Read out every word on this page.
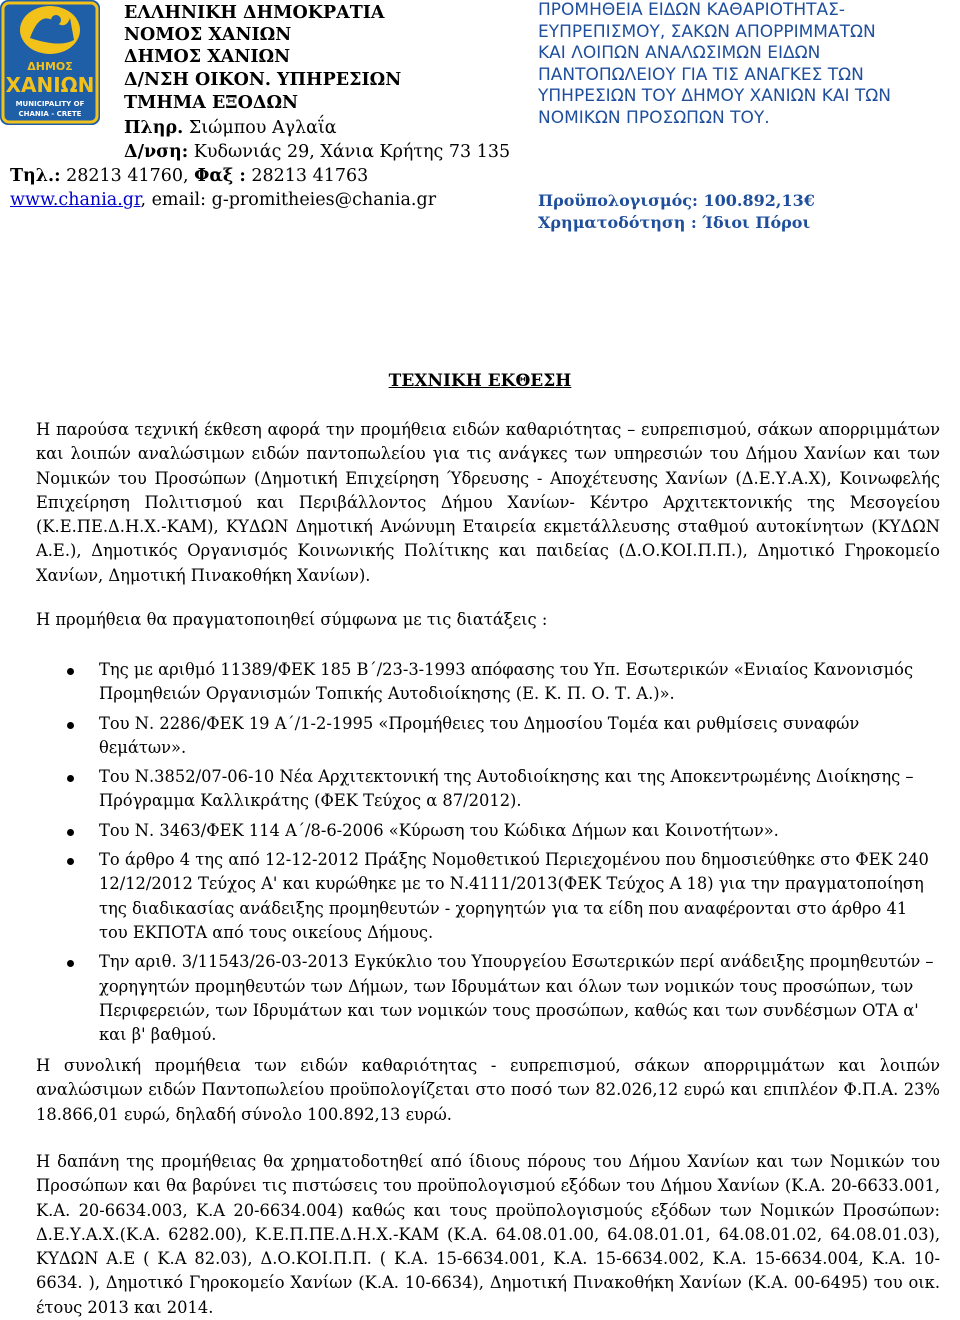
ΔΗΜΟΣ
ΧΑΝΙΩΝ
MUNICIPALITY OF
CHANIA - CRETE
ΕΛΛΗΝΙΚΗ ΔΗΜΟΚΡΑΤΙΑ
ΝΟΜΟΣ ΧΑΝΙΩΝ
ΔΗΜΟΣ ΧΑΝΙΩΝ
Δ/ΝΣΗ ΟΙΚΟΝ. ΥΠΗΡΕΣΙΩΝ
ΤΜΗΜΑ ΕΞΟΔΩΝ
Πληρ. Σιώμπου Αγλαΐα
Δ/νση: Κυδωνιάς 29, Χάνια Κρήτης 73 135
Τηλ.: 28213 41760, Φαξ : 28213 41763
www.chania.gr, email: g-promitheies@chania.gr
ΠΡΟΜΗΘΕΙΑ ΕΙΔΩΝ ΚΑΘΑΡΙΟΤΗΤΑΣ-
ΕΥΠΡΕΠΙΣΜΟΥ, ΣΑΚΩΝ ΑΠΟΡΡΙΜΜΑΤΩΝ
ΚΑΙ ΛΟΙΠΩΝ ΑΝΑΛΩΣΙΜΩΝ ΕΙΔΩΝ
ΠΑΝΤΟΠΩΛΕΙΟΥ ΓΙΑ ΤΙΣ ΑΝΑΓΚΕΣ ΤΩΝ
ΥΠΗΡΕΣΙΩΝ ΤΟΥ ΔΗΜΟΥ ΧΑΝΙΩΝ ΚΑΙ ΤΩΝ
ΝΟΜΙΚΩΝ ΠΡΟΣΩΠΩΝ ΤΟΥ.
Προϋπολογισμός: 100.892,13€
Χρηματοδότηση : Ίδιοι Πόροι
ΤΕΧΝΙΚΗ ΕΚΘΕΣΗ
Η παρούσα τεχνική έκθεση αφορά την προμήθεια ειδών καθαριότητας – ευπρεπισμού, σάκων απορριμμάτων και λοιπών αναλώσιμων ειδών παντοπωλείου για τις ανάγκες των υπηρεσιών του Δήμου Χανίων και των Νομικών του Προσώπων (Δημοτική Επιχείρηση Ύδρευσης - Αποχέτευσης Χανίων (Δ.Ε.Υ.Α.Χ), Κοινωφελής Επιχείρηση Πολιτισμού και Περιβάλλοντος Δήμου Χανίων- Κέντρο Αρχιτεκτονικής της Μεσογείου (Κ.Ε.ΠΕ.Δ.Η.Χ.-ΚΑΜ), ΚΥΔΩΝ Δημοτική Ανώνυμη Εταιρεία εκμετάλλευσης σταθμού αυτοκίνητων (ΚΥΔΩΝ Α.Ε.), Δημοτικός Οργανισμός Κοινωνικής Πολίτικης και παιδείας (Δ.Ο.ΚΟΙ.Π.Π.), Δημοτικό Γηροκομείο Χανίων, Δημοτική Πινακοθήκη Χανίων).
Η προμήθεια θα πραγματοποιηθεί σύμφωνα με τις διατάξεις :
Της με αριθμό 11389/ΦΕΚ 185 Β΄/23-3-1993 απόφασης του Υπ. Εσωτερικών «Ενιαίος Κανονισμός Προμηθειών Οργανισμών Τοπικής Αυτοδιοίκησης (Ε. Κ. Π. Ο. Τ. Α.)».
Του Ν. 2286/ΦΕΚ 19 Α΄/1-2-1995 «Προμήθειες του Δημοσίου Τομέα και ρυθμίσεις συναφών θεμάτων».
Του Ν.3852/07-06-10 Νέα Αρχιτεκτονική της Αυτοδιοίκησης και της Αποκεντρωμένης Διοίκησης – Πρόγραμμα Καλλικράτης (ΦΕΚ Τεύχος α 87/2012).
Του Ν. 3463/ΦΕΚ 114 Α΄/8-6-2006 «Κύρωση του Κώδικα Δήμων και Κοινοτήτων».
Το άρθρο 4 της από 12-12-2012 Πράξης Νομοθετικού Περιεχομένου που δημοσιεύθηκε στο ΦΕΚ 240 12/12/2012 Τεύχος Α' και κυρώθηκε με το Ν.4111/2013(ΦΕΚ Τεύχος Α 18) για την πραγματοποίηση της διαδικασίας ανάδειξης προμηθευτών - χορηγητών για τα είδη που αναφέρονται στο άρθρο 41 του ΕΚΠΟΤΑ από τους οικείους Δήμους.
Την αριθ. 3/11543/26-03-2013 Εγκύκλιο του Υπουργείου Εσωτερικών περί ανάδειξης προμηθευτών – χορηγητών προμηθευτών των Δήμων, των Ιδρυμάτων και όλων των νομικών τους προσώπων, των Περιφερειών, των Ιδρυμάτων και των νομικών τους προσώπων, καθώς και των συνδέσμων ΟΤΑ α' και β' βαθμού.
Η συνολική προμήθεια των ειδών καθαριότητας - ευπρεπισμού, σάκων απορριμμάτων και λοιπών αναλώσιμων ειδών Παντοπωλείου προϋπολογίζεται στο ποσό των 82.026,12 ευρώ και επιπλέον Φ.Π.Α. 23% 18.866,01 ευρώ, δηλαδή σύνολο 100.892,13 ευρώ.
Η δαπάνη της προμήθειας θα χρηματοδοτηθεί από ίδιους πόρους του Δήμου Χανίων και των Νομικών του Προσώπων και θα βαρύνει τις πιστώσεις του προϋπολογισμού εξόδων του Δήμου Χανίων (Κ.Α. 20-6633.001, Κ.Α. 20-6634.003, Κ.Α 20-6634.004) καθώς και τους προϋπολογισμούς εξόδων των Νομικών Προσώπων: Δ.Ε.Υ.Α.Χ.(Κ.Α. 6282.00), Κ.Ε.Π.ΠΕ.Δ.Η.Χ.-ΚΑΜ (Κ.Α. 64.08.01.00, 64.08.01.01, 64.08.01.02, 64.08.01.03), ΚΥΔΩΝ Α.Ε ( Κ.Α 82.03), Δ.Ο.ΚΟΙ.Π.Π. ( Κ.Α. 15-6634.001, Κ.Α. 15-6634.002, Κ.Α. 15-6634.004, Κ.Α. 10-6634. ), Δημοτικό Γηροκομείο Χανίων (Κ.Α. 10-6634), Δημοτική Πινακοθήκη Χανίων (Κ.Α. 00-6495) του οικ. έτους 2013 και 2014.
